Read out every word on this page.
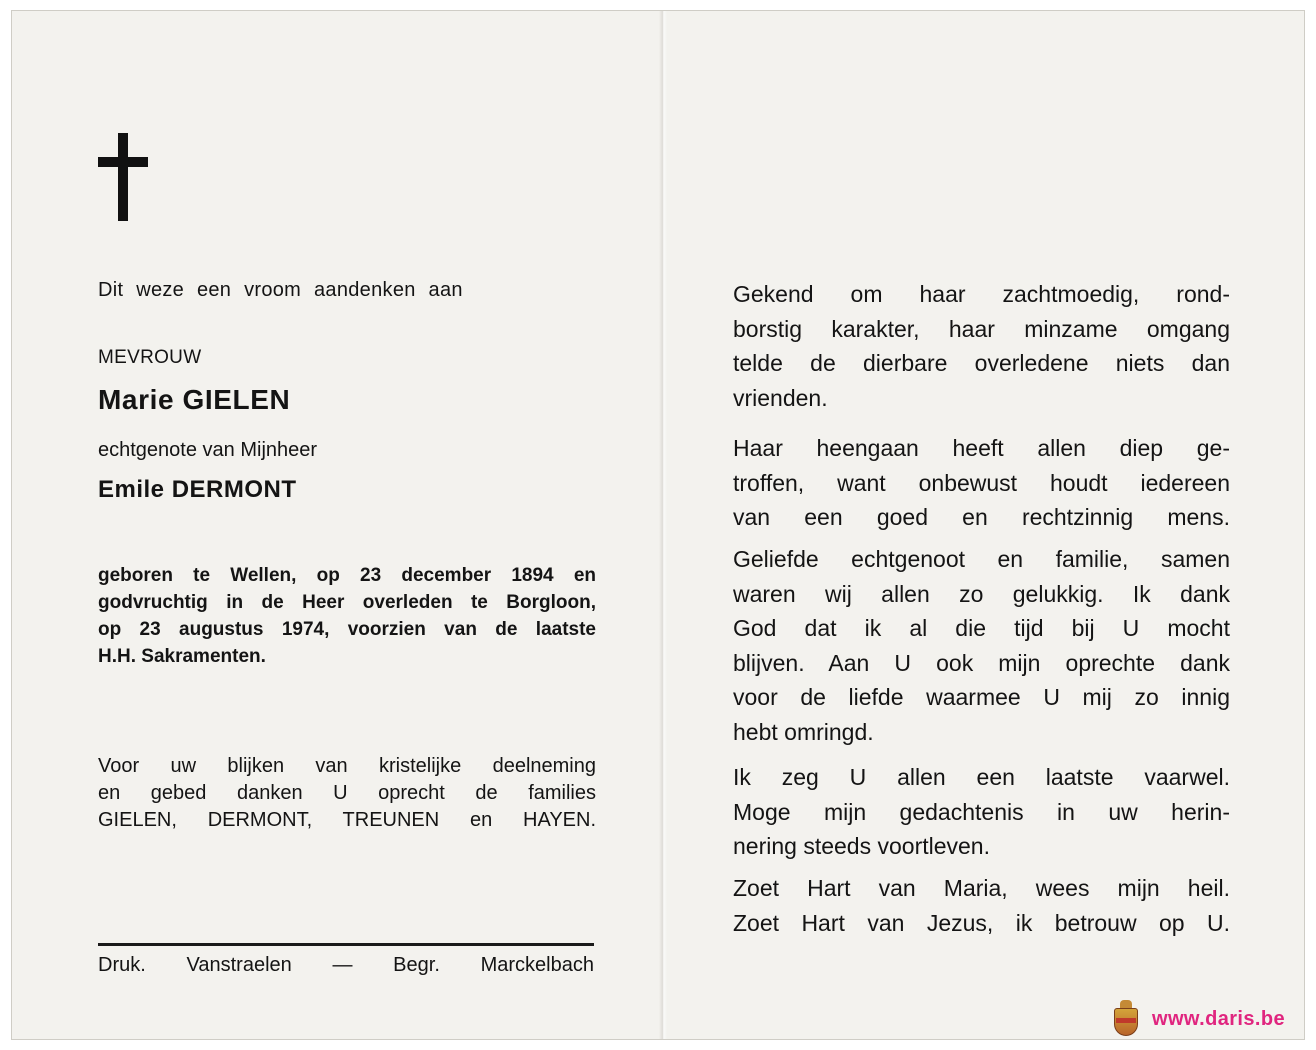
Dit weze een vroom aandenken aan
MEVROUW
Marie GIELEN
echtgenote van Mijnheer
Emile DERMONT
geboren te Wellen, op 23 december 1894 en
godvruchtig in de Heer overleden te Borgloon,
op 23 augustus 1974, voorzien van de laatste
H.H. Sakramenten.
Voor uw blijken van kristelijke deelneming
en gebed danken U oprecht de families
GIELEN, DERMONT, TREUNEN en HAYEN.
Druk. Vanstraelen — Begr. Marckelbach
Gekend om haar zachtmoedig, rond-
borstig karakter, haar minzame omgang
telde de dierbare overledene niets dan
vrienden.
Haar heengaan heeft allen diep ge-
troffen, want onbewust houdt iedereen
van een goed en rechtzinnig mens.
Geliefde echtgenoot en familie, samen
waren wij allen zo gelukkig. Ik dank
God dat ik al die tijd bij U mocht
blijven. Aan U ook mijn oprechte dank
voor de liefde waarmee U mij zo innig
hebt omringd.
Ik zeg U allen een laatste vaarwel.
Moge mijn gedachtenis in uw herin-
nering steeds voortleven.
Zoet Hart van Maria, wees mijn heil.
Zoet Hart van Jezus, ik betrouw op U.
www.daris.be
